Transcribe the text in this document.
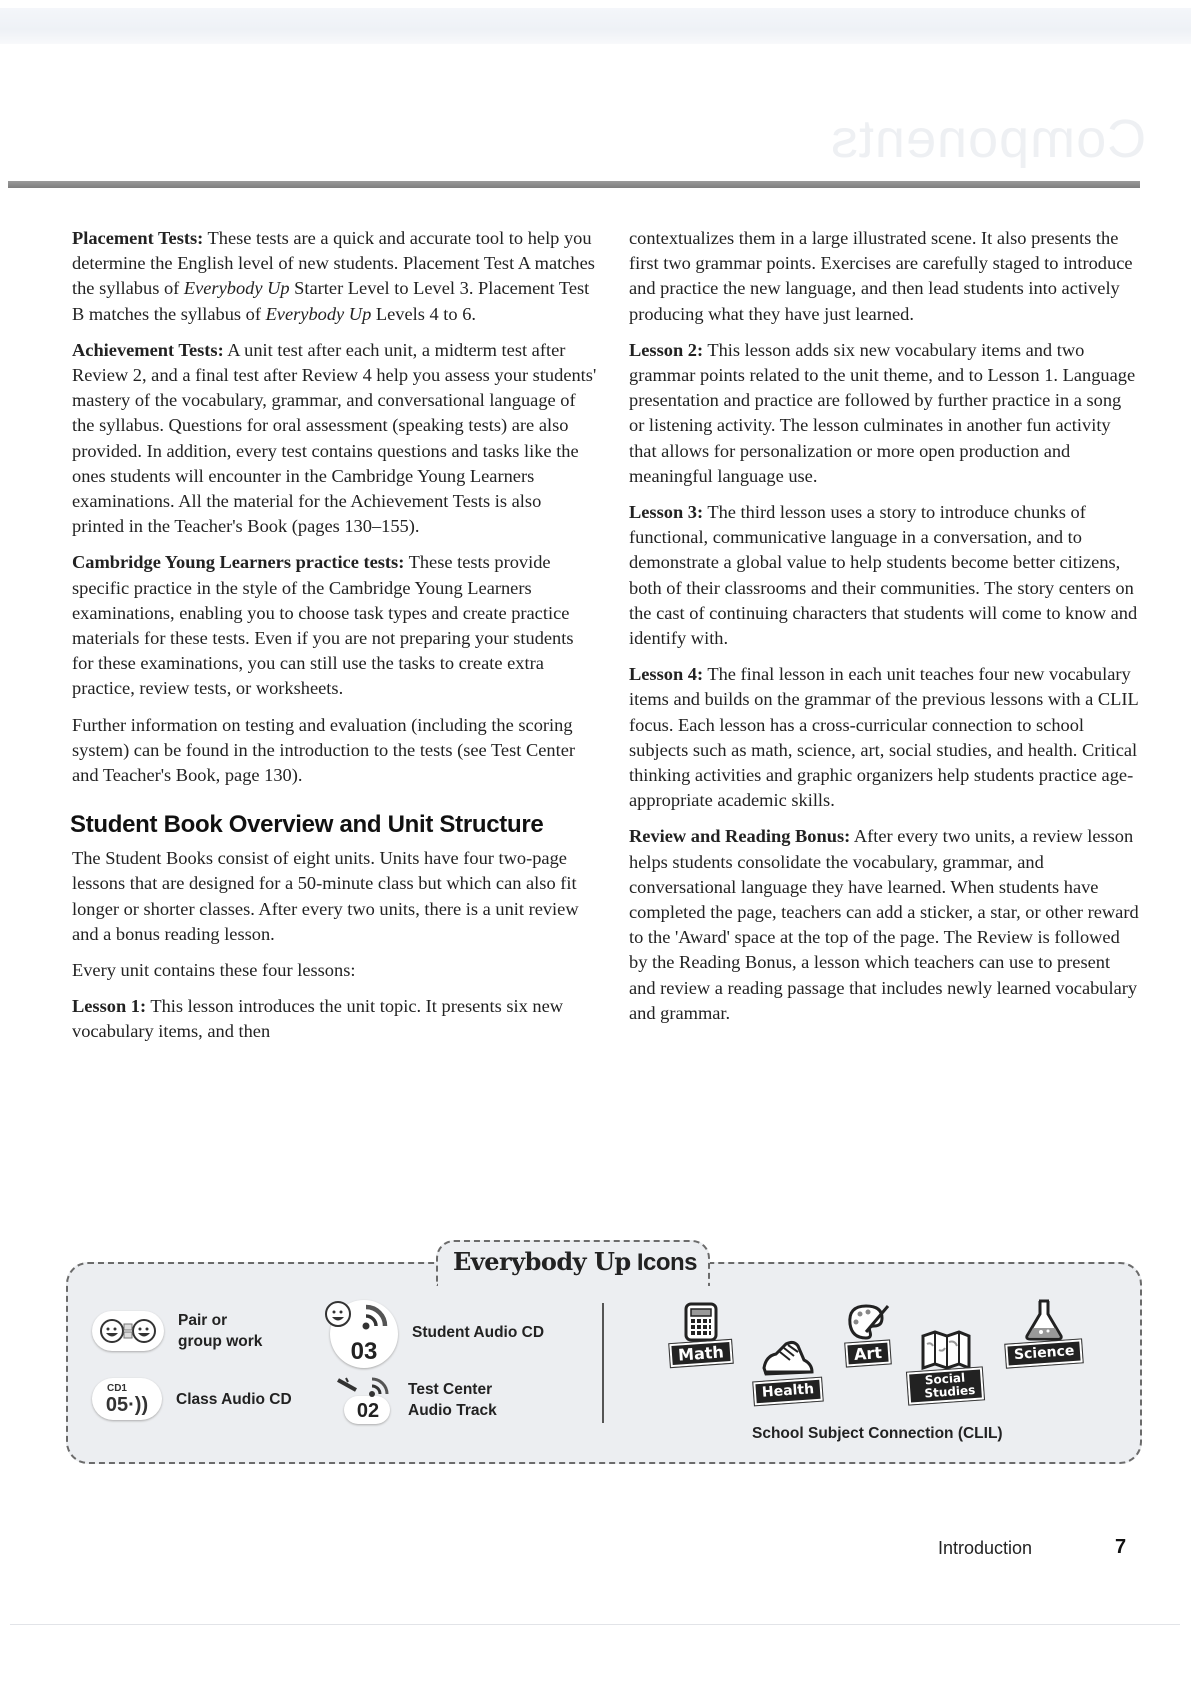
Components

Placement Tests: These tests are a quick and accurate tool to help you determine the English level of new students. Placement Test A matches the syllabus of Everybody Up Starter Level to Level 3. Placement Test B matches the syllabus of Everybody Up Levels 4 to 6.

Achievement Tests: A unit test after each unit, a midterm test after Review 2, and a final test after Review 4 help you assess your students' mastery of the vocabulary, grammar, and conversational language of the syllabus. Questions for oral assessment (speaking tests) are also provided. In addition, every test contains questions and tasks like the ones students will encounter in the Cambridge Young Learners examinations. All the material for the Achievement Tests is also printed in the Teacher's Book (pages 130–155).

Cambridge Young Learners practice tests: These tests provide specific practice in the style of the Cambridge Young Learners examinations, enabling you to choose task types and create practice materials for these tests. Even if you are not preparing your students for these examinations, you can still use the tasks to create extra practice, review tests, or worksheets.

Further information on testing and evaluation (including the scoring system) can be found in the introduction to the tests (see Test Center and Teacher's Book, page 130).

Student Book Overview and Unit Structure

The Student Books consist of eight units. Units have four two-page lessons that are designed for a 50-minute class but which can also fit longer or shorter classes. After every two units, there is a unit review and a bonus reading lesson.

Every unit contains these four lessons:

Lesson 1: This lesson introduces the unit topic. It presents six new vocabulary items, and then

contextualizes them in a large illustrated scene. It also presents the first two grammar points. Exercises are carefully staged to introduce and practice the new language, and then lead students into actively producing what they have just learned.

Lesson 2: This lesson adds six new vocabulary items and two grammar points related to the unit theme, and to Lesson 1. Language presentation and practice are followed by further practice in a song or listening activity. The lesson culminates in another fun activity that allows for personalization or more open production and meaningful language use.

Lesson 3: The third lesson uses a story to introduce chunks of functional, communicative language in a conversation, and to demonstrate a global value to help students become better citizens, both of their classrooms and their communities. The story centers on the cast of continuing characters that students will come to know and identify with.

Lesson 4: The final lesson in each unit teaches four new vocabulary items and builds on the grammar of the previous lessons with a CLIL focus. Each lesson has a cross-curricular connection to school subjects such as math, science, art, social studies, and health. Critical thinking activities and graphic organizers help students practice age-appropriate academic skills.

Review and Reading Bonus: After every two units, a review lesson helps students consolidate the vocabulary, grammar, and conversational language they have learned. When students have completed the page, teachers can add a sticker, a star, or other reward to the 'Award' space at the top of the page. The Review is followed by the Reading Bonus, a lesson which teachers can use to present and review a reading passage that includes newly learned vocabulary and grammar.

Everybody Up Icons
Pair or
group work	03
Student Audio CD
CD1
05·)) Class Audio CD
02
Test Center
Audio Track
Math
Health
Art
Social
Studies
Science
School Subject Connection (CLIL)
Introduction	7
